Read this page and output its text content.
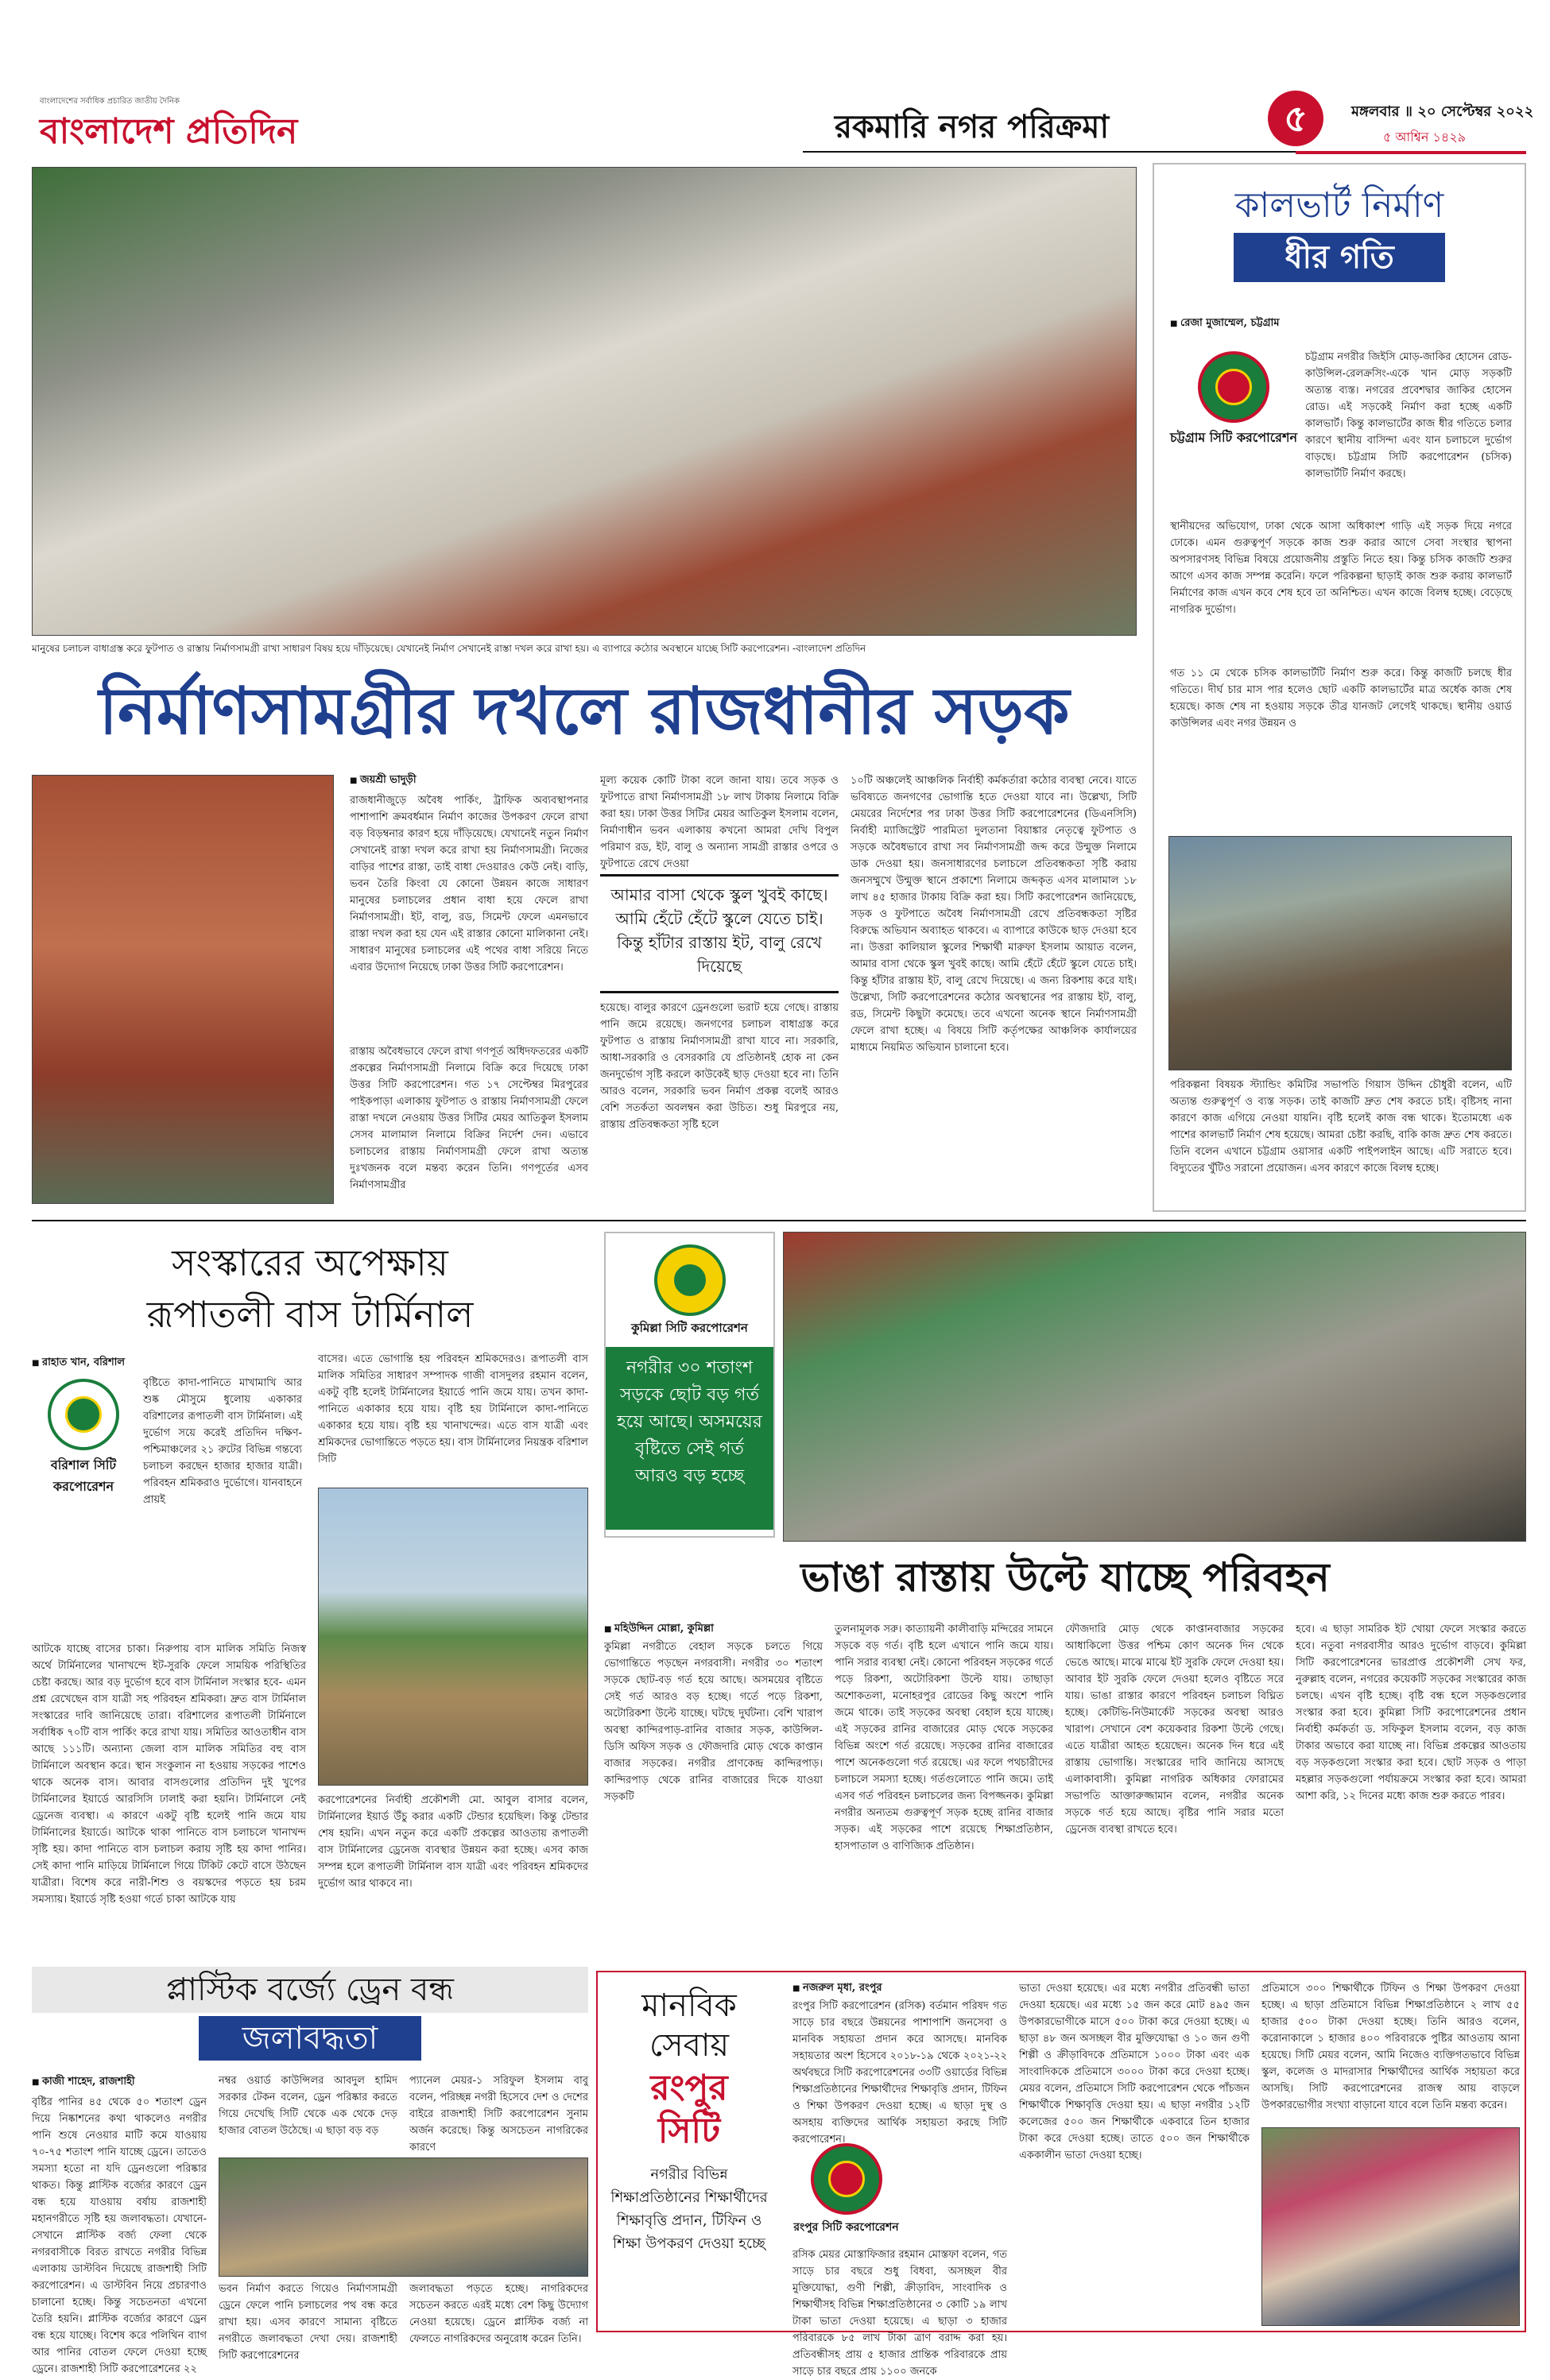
বাংলাদেশের সর্বাধিক প্রচারিত জাতীয় দৈনিক
বাংলাদেশ প্রতিদিন	রকমারি নগর পরিক্রমা	৫	মঙ্গলবার ॥ ২০ সেপ্টেম্বর ২০২২
৫ আশ্বিন ১৪২৯
মানুষের চলাচল বাধাগ্রস্ত করে ফুটপাত ও রাস্তায় নির্মাণসামগ্রী রাখা সাধারণ বিষয় হয়ে দাঁড়িয়েছে। যেখানেই নির্মাণ সেখানেই রাস্তা দখল করে রাখা হয়। এ ব্যাপারে কঠোর অবস্থানে যাচ্ছে সিটি করপোরেশন। -বাংলাদেশ প্রতিদিন
নির্মাণসামগ্রীর দখলে রাজধানীর সড়ক
■ জয়শ্রী ভাদুড়ী
রাজধানীজুড়ে অবৈধ পার্কিং, ট্রাফিক অব্যবস্থাপনার পাশাপাশি ক্রমবর্ধমান নির্মাণ কাজের উপকরণ ফেলে রাখা বড় বিড়ম্বনার কারণ হয়ে দাঁড়িয়েছে। যেখানেই নতুন নির্মাণ সেখানেই রাস্তা দখল করে রাখা হয় নির্মাণসামগ্রী। নিজের বাড়ির পাশের রাস্তা, তাই বাধা দেওয়ারও কেউ নেই। বাড়ি, ভবন তৈরি কিংবা যে কোনো উন্নয়ন কাজে সাধারণ মানুষের চলাচলের প্রধান বাধা হয়ে ফেলে রাখা নির্মাণসামগ্রী। ইট, বালু, রড, সিমেন্ট ফেলে এমনভাবে রাস্তা দখল করা হয় যেন এই রাস্তার কোনো মালিকানা নেই। সাধারণ মানুষের চলাচলের এই পথের বাধা সরিয়ে নিতে এবার উদ্যোগ নিয়েছে ঢাকা উত্তর সিটি করপোরেশন।
রাস্তায় অবৈধভাবে ফেলে রাখা গণপূর্ত অধিদফতরের একটি প্রকল্পের নির্মাণসামগ্রী নিলামে বিক্রি করে দিয়েছে ঢাকা উত্তর সিটি করপোরেশন। গত ১৭ সেপ্টেম্বর মিরপুরের পাইকপাড়া এলাকায় ফুটপাত ও রাস্তায় নির্মাণসামগ্রী ফেলে রাস্তা দখলে নেওয়ায় উত্তর সিটির মেয়র আতিকুল ইসলাম সেসব মালামাল নিলামে বিক্রির নির্দেশ দেন। এভাবে চলাচলের রাস্তায় নির্মাণসামগ্রী ফেলে রাখা অত্যন্ত দুঃখজনক বলে মন্তব্য করেন তিনি। গণপূর্তের এসব নির্মাণসামগ্রীর
মূল্য কয়েক কোটি টাকা বলে জানা যায়। তবে সড়ক ও ফুটপাতে রাখা নির্মাণসামগ্রী ১৮ লাখ টাকায় নিলামে বিক্রি করা হয়। ঢাকা উত্তর সিটির মেয়র আতিকুল ইসলাম বলেন, নির্মাণাধীন ভবন এলাকায় কখনো আমরা দেখি বিপুল পরিমাণ রড, ইট, বালু ও অন্যান্য সামগ্রী রাস্তার ওপরে ও ফুটপাতে রেখে দেওয়া
আমার বাসা থেকে স্কুল খুবই কাছে। আমি হেঁটে হেঁটে স্কুলে যেতে চাই। কিন্তু হাঁটার রাস্তায় ইট, বালু রেখে দিয়েছে
হয়েছে। বালুর কারণে ড্রেনগুলো ভরাট হয়ে গেছে। রাস্তায় পানি জমে রয়েছে। জনগণের চলাচল বাধাগ্রস্ত করে ফুটপাত ও রাস্তায় নির্মাণসামগ্রী রাখা যাবে না। সরকারি, আধা-সরকারি ও বেসরকারি যে প্রতিষ্ঠানই হোক না কেন জনদুর্ভোগ সৃষ্টি করলে কাউকেই ছাড় দেওয়া হবে না। তিনি আরও বলেন, সরকারি ভবন নির্মাণ প্রকল্প বলেই আরও বেশি সতর্কতা অবলম্বন করা উচিত। শুধু মিরপুরে নয়, রাস্তায় প্রতিবন্ধকতা সৃষ্টি হলে
১০টি অঞ্চলেই আঞ্চলিক নির্বাহী কর্মকর্তারা কঠোর ব্যবস্থা নেবে। যাতে ভবিষ্যতে জনগণের ভোগান্তি হতে দেওয়া যাবে না। উল্লেখ্য, সিটি মেয়রের নির্দেশের পর ঢাকা উত্তর সিটি করপোরেশনের (ডিএনসিসি) নির্বাহী ম্যাজিস্ট্রেট পারমিতা দুলতানা বিয়াঙ্কার নেতৃত্বে ফুটপাত ও সড়কে অবৈধভাবে রাখা সব নির্মাণসামগ্রী জব্দ করে উন্মুক্ত নিলামে ডাক দেওয়া হয়। জনসাধারণের চলাচলে প্রতিবন্ধকতা সৃষ্টি করায় জনসম্মুখে উন্মুক্ত স্থানে প্রকাশ্যে নিলামে জব্দকৃত এসব মালামাল ১৮ লাখ ৪৫ হাজার টাকায় বিক্রি করা হয়। সিটি করপোরেশন জানিয়েছে, সড়ক ও ফুটপাতে অবৈধ নির্মাণসামগ্রী রেখে প্রতিবন্ধকতা সৃষ্টির বিরুদ্ধে অভিযান অব্যাহত থাকবে। এ ব্যাপারে কাউকে ছাড় দেওয়া হবে না। উত্তরা কালিয়াল স্কুলের শিক্ষার্থী মারুফা ইসলাম আয়াত বলেন, আমার বাসা থেকে স্কুল খুবই কাছে। আমি হেঁটে হেঁটে স্কুলে যেতে চাই। কিন্তু হাঁটার রাস্তায় ইট, বালু রেখে দিয়েছে। এ জন্য রিকশায় করে যাই। উল্লেখ্য, সিটি করপোরেশনের কঠোর অবস্থানের পর রাস্তায় ইট, বালু, রড, সিমেন্ট কিছুটা কমেছে। তবে এখনো অনেক স্থানে নির্মাণসামগ্রী ফেলে রাখা হচ্ছে। এ বিষয়ে সিটি কর্তৃপক্ষের আঞ্চলিক কার্যালয়ের মাধ্যমে নিয়মিত অভিযান চালানো হবে।
কালভার্ট নির্মাণ
ধীর গতি
■ রেজা মুজাম্মেল, চট্টগ্রাম
চট্টগ্রাম সিটি করপোরেশন
চট্টগ্রাম নগরীর জিইসি মোড়-জাকির হোসেন রোড-কাউন্সিল-রেলক্রসিং-একে খান মোড় সড়কটি অত্যন্ত ব্যস্ত। নগরের প্রবেশদ্বার জাকির হোসেন রোড। এই সড়কেই নির্মাণ করা হচ্ছে একটি কালভার্ট। কিন্তু কালভার্টের কাজ ধীর গতিতে চলার কারণে স্থানীয় বাসিন্দা এবং যান চলাচলে দুর্ভোগ বাড়ছে। চট্টগ্রাম সিটি করপোরেশন (চসিক) কালভার্টটি নির্মাণ করছে।
স্থানীয়দের অভিযোগ, ঢাকা থেকে আসা অধিকাংশ গাড়ি এই সড়ক দিয়ে নগরে ঢোকে। এমন গুরুত্বপূর্ণ সড়কে কাজ শুরু করার আগে সেবা সংস্থার স্থাপনা অপসারণসহ বিভিন্ন বিষয়ে প্রয়োজনীয় প্রস্তুতি নিতে হয়। কিন্তু চসিক কাজটি শুরুর আগে এসব কাজ সম্পন্ন করেনি। ফলে পরিকল্পনা ছাড়াই কাজ শুরু করায় কালভার্ট নির্মাণের কাজ এখন কবে শেষ হবে তা অনিশ্চিত। এখন কাজে বিলম্ব হচ্ছে। বেড়েছে নাগরিক দুর্ভোগ।
গত ১১ মে থেকে চসিক কালভার্টটি নির্মাণ শুরু করে। কিন্তু কাজটি চলছে ধীর গতিতে। দীর্ঘ চার মাস পার হলেও ছোট একটি কালভার্টের মাত্র অর্ধেক কাজ শেষ হয়েছে। কাজ শেষ না হওয়ায় সড়কে তীব্র যানজট লেগেই থাকছে। স্থানীয় ওয়ার্ড কাউন্সিলর এবং নগর উন্নয়ন ও
পরিকল্পনা বিষয়ক স্ট্যান্ডিং কমিটির সভাপতি গিয়াস উদ্দিন চৌধুরী বলেন, এটি অত্যন্ত গুরুত্বপূর্ণ ও ব্যস্ত সড়ক। তাই কাজটি দ্রুত শেষ করতে চাই। বৃষ্টিসহ নানা কারণে কাজ এগিয়ে নেওয়া যায়নি। বৃষ্টি হলেই কাজ বন্ধ থাকে। ইতোমধ্যে এক পাশের কালভার্ট নির্মাণ শেষ হয়েছে। আমরা চেষ্টা করছি, বাকি কাজ দ্রুত শেষ করতে। তিনি বলেন এখানে চট্টগ্রাম ওয়াসার একটি পাইপলাইন আছে। এটি সরাতে হবে। বিদ্যুতের খুঁটিও সরানো প্রয়োজন। এসব কারণে কাজে বিলম্ব হচ্ছে।
সংস্কারের অপেক্ষায়
রূপাতলী বাস টার্মিনাল
■ রাহাত খান, বরিশাল
বরিশাল সিটি করপোরেশন
বৃষ্টিতে কাদা-পানিতে মাখামাখি আর শুষ্ক মৌসুমে ধুলোয় একাকার বরিশালের রূপাতলী বাস টার্মিনাল। এই দুর্ভোগ সয়ে করেই প্রতিদিন দক্ষিণ-পশ্চিমাঞ্চলের ২১ রুটের বিভিন্ন গন্তব্যে চলাচল করছেন হাজার হাজার যাত্রী। পরিবহন শ্রমিকরাও দুর্ভোগে। যানবাহনে প্রায়ই
আটকে যাচ্ছে বাসের চাকা। নিরুপায় বাস মালিক সমিতি নিজস্ব অর্থে টার্মিনালের খানাখন্দে ইট-সুরকি ফেলে সাময়িক পরিস্থিতির চেষ্টা করছে। আর বড় দুর্ভোগ হবে বাস টার্মিনাল সংস্কার হবে- এমন প্রশ্ন রেখেছেন বাস যাত্রী সহ পরিবহন শ্রমিকরা। দ্রুত বাস টার্মিনাল সংস্কারের দাবি জানিয়েছে তারা। বরিশালের রূপাতলী টার্মিনালে সর্বাধিক ৭০টি বাস পার্কিং করে রাখা যায়। সমিতির আওতাধীন বাস আছে ১১১টি। অন্যান্য জেলা বাস মালিক সমিতির বহু বাস টার্মিনালে অবস্থান করে। স্থান সংকুলান না হওয়ায় সড়কের পাশেও থাকে অনেক বাস। আবার বাসগুলোর প্রতিদিন দুই খুপের টার্মিনালের ইয়ার্ডে আরসিসি ঢালাই করা হয়নি। টার্মিনালে নেই ড্রেনেজ ব্যবস্থা। এ কারণে একটু বৃষ্টি হলেই পানি জমে যায় টার্মিনালের ইয়ার্ডে। আটকে থাকা পানিতে বাস চলাচলে খানাখন্দ সৃষ্টি হয়। কাদা পানিতে বাস চলাচল করায় সৃষ্টি হয় কাদা পানির। সেই কাদা পানি মাড়িয়ে টার্মিনালে গিয়ে টিকিট কেটে বাসে উঠছেন যাত্রীরা। বিশেষ করে নারী-শিশু ও বয়স্কদের পড়তে হয় চরম সমস্যায়। ইয়ার্ডে সৃষ্টি হওয়া গর্তে চাকা আটকে যায়
বাসের। এতে ভোগান্তি হয় পরিবহন শ্রমিকদেরও। রূপাতলী বাস মালিক সমিতির সাধারণ সম্পাদক গাজী বাসদুলর রহমান বলেন, একটু বৃষ্টি হলেই টার্মিনালের ইয়ার্ডে পানি জমে যায়। তখন কাদা-পানিতে একাকার হয়ে যায়। বৃষ্টি হয় টার্মিনালে কাদা-পানিতে একাকার হয়ে যায়। বৃষ্টি হয় খানাখন্দের। এতে বাস যাত্রী এবং শ্রমিকদের ভোগান্তিতে পড়তে হয়। বাস টার্মিনালের নিয়ন্ত্রক বরিশাল সিটি
করপোরেশনের নির্বাহী প্রকৌশলী মো. আবুল বাসার বলেন, টার্মিনালের ইয়ার্ড উঁচু করার একটি টেন্ডার হয়েছিল। কিন্তু টেন্ডার শেষ হয়নি। এখন নতুন করে একটি প্রকল্পের আওতায় রূপাতলী বাস টার্মিনালের ড্রেনেজ ব্যবস্থার উন্নয়ন করা হচ্ছে। এসব কাজ সম্পন্ন হলে রূপাতলী টার্মিনাল বাস যাত্রী এবং পরিবহন শ্রমিকদের দুর্ভোগ আর থাকবে না।
কুমিল্লা সিটি করপোরেশন
নগরীর ৩০ শতাংশ সড়কে ছোট বড় গর্ত হয়ে আছে। অসময়ের বৃষ্টিতে সেই গর্ত আরও বড় হচ্ছে
ভাঙা রাস্তায় উল্টে যাচ্ছে পরিবহন
■ মহিউদ্দিন মোল্লা, কুমিল্লা
কুমিল্লা নগরীতে বেহাল সড়কে চলতে গিয়ে ভোগান্তিতে পড়ছেন নগরবাসী। নগরীর ৩০ শতাংশ সড়কে ছোট-বড় গর্ত হয়ে আছে। অসময়ের বৃষ্টিতে সেই গর্ত আরও বড় হচ্ছে। গর্তে পড়ে রিকশা, অটোরিকশা উল্টে যাচ্ছে। ঘটছে দুর্ঘটনা। বেশি খারাপ অবস্থা কান্দিরপাড়-রানির বাজার সড়ক, কাউন্সিল-ডিসি অফিস সড়ক ও ফৌজদারি মোড় থেকে কাপ্তান বাজার সড়কের। নগরীর প্রাণকেন্দ্র কান্দিরপাড়। কান্দিরপাড় থেকে রানির বাজারের দিকে যাওয়া সড়কটি
তুলনামূলক সরু। কাত্যায়নী কালীবাড়ি মন্দিরের সামনে সড়কে বড় গর্ত। বৃষ্টি হলে এখানে পানি জমে যায়। পানি সরার ব্যবস্থা নেই। কোনো পরিবহন সড়কের গর্তে পড়ে রিকশা, অটোরিকশা উল্টে যায়। তাছাড়া অশোকতলা, মনোহরপুর রোডের কিছু অংশে পানি জমে থাকে। তাই সড়কের অবস্থা বেহাল হয়ে যাচ্ছে। এই সড়কের রানির বাজারের মোড় থেকে সড়কের বিভিন্ন অংশে গর্ত রয়েছে। সড়কের রানির বাজারের পাশে অনেকগুলো গর্ত রয়েছে। এর ফলে পথচারীদের চলাচলে সমস্যা হচ্ছে। গর্তগুলোতে পানি জমে। তাই এসব গর্ত পরিবহন চলাচলের জন্য বিপজ্জনক। কুমিল্লা নগরীর অন্যতম গুরুত্বপূর্ণ সড়ক হচ্ছে রানির বাজার সড়ক। এই সড়কের পাশে রয়েছে শিক্ষাপ্রতিষ্ঠান, হাসপাতাল ও বাণিজ্যিক প্রতিষ্ঠান।
ফৌজদারি মোড় থেকে কাপ্তানবাজার সড়কের আধাকিলো উত্তর পশ্চিম কোণ অনেক দিন থেকে ভেঙে আছে। মাঝে মাঝে ইট সুরকি ফেলে দেওয়া হয়। আবার ইট সুরকি ফেলে দেওয়া হলেও বৃষ্টিতে সরে যায়। ভাঙা রাস্তার কারণে পরিবহন চলাচল বিঘ্নিত হচ্ছে। কেটিভি-নিউমার্কেট সড়কের অবস্থা আরও খারাপ। সেখানে বেশ কয়েকবার রিকশা উল্টে গেছে। এতে যাত্রীরা আহত হয়েছেন। অনেক দিন ধরে এই রাস্তায় ভোগান্তি। সংস্কারের দাবি জানিয়ে আসছে এলাকাবাসী। কুমিল্লা নাগরিক অধিকার ফোরামের সভাপতি আক্তারুজ্জামান বলেন, নগরীর অনেক সড়কে গর্ত হয়ে আছে। বৃষ্টির পানি সরার মতো ড্রেনেজ ব্যবস্থা রাখতে হবে।
হবে। এ ছাড়া সামরিক ইট খোয়া ফেলে সংস্কার করতে হবে। নতুবা নগরবাসীর আরও দুর্ভোগ বাড়বে। কুমিল্লা সিটি করপোরেশনের ভারপ্রাপ্ত প্রকৌশলী সেখ ফর, নুরুল্লাহ বলেন, নগরের কয়েকটি সড়কের সংস্কারের কাজ চলছে। এখন বৃষ্টি হচ্ছে। বৃষ্টি বন্ধ হলে সড়কগুলোর সংস্কার করা হবে। কুমিল্লা সিটি করপোরেশনের প্রধান নির্বাহী কর্মকর্তা ড. সফিকুল ইসলাম বলেন, বড় কাজ টাকার অভাবে করা যাচ্ছে না। বিভিন্ন প্রকল্পের আওতায় বড় সড়কগুলো সংস্কার করা হবে। ছোট সড়ক ও পাড়া মহল্লার সড়কগুলো পর্যায়ক্রমে সংস্কার করা হবে। আমরা আশা করি, ১২ দিনের মধ্যে কাজ শুরু করতে পারব।
প্লাস্টিক বর্জ্যে ড্রেন বন্ধ
জলাবদ্ধতা
■ কাজী শাহেদ, রাজশাহী
বৃষ্টির পানির ৪৫ থেকে ৫০ শতাংশ ড্রেন দিয়ে নিষ্কাশনের কথা থাকলেও নগরীর পানি শুষে নেওয়ার মাটি কমে যাওয়ায় ৭০-৭৫ শতাংশ পানি যাচ্ছে ড্রেনে। তাতেও সমস্যা হতো না যদি ড্রেনগুলো পরিষ্কার থাকত। কিন্তু প্লাস্টিক বর্জ্যের কারণে ড্রেন বন্ধ হয়ে যাওয়ায় বর্ষায় রাজশাহী মহানগরীতে সৃষ্টি হয় জলাবদ্ধতা। যেখানে-সেখানে প্লাস্টিক বর্জ্য ফেলা থেকে নগরবাসীকে বিরত রাখতে নগরীর বিভিন্ন এলাকায় ডাস্টবিন দিয়েছে রাজশাহী সিটি করপোরেশন। এ ডাস্টবিন নিয়ে প্রচারণাও চালানো হচ্ছে। কিন্তু সচেতনতা এখনো তৈরি হয়নি। প্লাস্টিক বর্জ্যের কারণে ড্রেন বন্ধ হয়ে যাচ্ছে। বিশেষ করে পলিথিন ব্যাগ আর পানির বোতল ফেলে দেওয়া হচ্ছে ড্রেনে। রাজশাহী সিটি করপোরেশনের ২২
নম্বর ওয়ার্ড কাউন্সিলর আবদুল হামিদ সরকার টেকন বলেন, ড্রেন পরিষ্কার করতে গিয়ে দেখেছি সিটি থেকে এক থেকে দেড় হাজার বোতল উঠেছে। এ ছাড়া বড় বড়
প্যানেল মেয়র-১ সরিফুল ইসলাম বাবু বলেন, পরিচ্ছন্ন নগরী হিসেবে দেশ ও দেশের বাইরে রাজশাহী সিটি করপোরেশন সুনাম অর্জন করেছে। কিন্তু অসচেতন নাগরিকের কারণে
ভবন নির্মাণ করতে গিয়েও নির্মাণসামগ্রী ড্রেনে ফেলে পানি চলাচলের পথ বন্ধ করে রাখা হয়। এসব কারণে সামান্য বৃষ্টিতে নগরীতে জলাবদ্ধতা দেখা দেয়। রাজশাহী সিটি করপোরেশনের
জলাবদ্ধতা পড়তে হচ্ছে। নাগরিকদের সচেতন করতে এরই মধ্যে বেশ কিছু উদ্যোগ নেওয়া হয়েছে। ড্রেনে প্লাস্টিক বর্জ্য না ফেলতে নাগরিকদের অনুরোধ করেন তিনি।
মানবিক
সেবায়
রংপুর
সিটি
নগরীর বিভিন্ন শিক্ষাপ্রতিষ্ঠানের শিক্ষার্থীদের শিক্ষাবৃত্তি প্রদান, টিফিন ও শিক্ষা উপকরণ দেওয়া হচ্ছে
■ নজরুল মৃধা, রংপুর
রংপুর সিটি করপোরেশন (রসিক) বর্তমান পরিষদ গত সাড়ে চার বছরে উন্নয়নের পাশাপাশি জনসেবা ও মানবিক সহায়তা প্রদান করে আসছে। মানবিক সহায়তার অংশ হিসেবে ২০১৮-১৯ থেকে ২০২১-২২ অর্থবছরে সিটি করপোরেশনের ৩৩টি ওয়ার্ডের বিভিন্ন শিক্ষাপ্রতিষ্ঠানের শিক্ষার্থীদের শিক্ষাবৃত্তি প্রদান, টিফিন ও শিক্ষা উপকরণ দেওয়া হচ্ছে। এ ছাড়া দুস্থ ও অসহায় ব্যক্তিদের আর্থিক সহায়তা করছে সিটি করপোরেশন।
রংপুর সিটি করপোরেশন
রসিক মেয়র মোস্তাফিজার রহমান মোস্তফা বলেন, গত সাড়ে চার বছরে শুধু বিধবা, অসচ্ছল বীর মুক্তিযোদ্ধা, গুণী শিল্পী, ক্রীড়াবিদ, সাংবাদিক ও শিক্ষার্থীসহ বিভিন্ন শিক্ষাপ্রতিষ্ঠানের ৩ কোটি ১৯ লাখ টাকা ভাতা দেওয়া হয়েছে। এ ছাড়া ৩ হাজার পরিবারকে ৮৫ লাখ টাকা ত্রাণ বরাদ্দ করা হয়। প্রতিবন্ধীসহ প্রায় ৫ হাজার প্রান্তিক পরিবারকে প্রায় সাড়ে চার বছরে প্রায় ১১০০ জনকে
ভাতা দেওয়া হয়েছে। এর মধ্যে নগরীর প্রতিবন্ধী ভাতা দেওয়া হয়েছে। এর মধ্যে ১৫ জন করে মোট ৪৯৫ জন উপকারভোগীকে মাসে ৫০০ টাকা করে দেওয়া হচ্ছে। এ ছাড়া ৪৮ জন অসচ্ছল বীর মুক্তিযোদ্ধা ও ১০ জন গুণী শিল্পী ও ক্রীড়াবিদকে প্রতিমাসে ১০০০ টাকা এবং এক সাংবাদিককে প্রতিমাসে ৩০০০ টাকা করে দেওয়া হচ্ছে। মেয়র বলেন, প্রতিমাসে সিটি করপোরেশন থেকে পাঁচজন শিক্ষার্থীকে শিক্ষাবৃত্তি দেওয়া হয়। এ ছাড়া নগরীর ১২টি কলেজের ৫০০ জন শিক্ষার্থীকে একবারে তিন হাজার টাকা করে দেওয়া হচ্ছে। তাতে ৫০০ জন শিক্ষার্থীকে এককালীন ভাতা দেওয়া হচ্ছে।
প্রতিমাসে ৩০০ শিক্ষার্থীকে টিফিন ও শিক্ষা উপকরণ দেওয়া হচ্ছে। এ ছাড়া প্রতিমাসে বিভিন্ন শিক্ষাপ্রতিষ্ঠানে ২ লাখ ৫৫ হাজার ৫০০ টাকা দেওয়া হচ্ছে। তিনি আরও বলেন, করোনাকালে ১ হাজার ৪০০ পরিবারকে পুষ্টির আওতায় আনা হয়েছে। সিটি মেয়র বলেন, আমি নিজেও ব্যক্তিগতভাবে বিভিন্ন স্কুল, কলেজ ও মাদরাসার শিক্ষার্থীদের আর্থিক সহায়তা করে আসছি। সিটি করপোরেশনের রাজস্ব আয় বাড়লে উপকারভোগীর সংখ্যা বাড়ানো যাবে বলে তিনি মন্তব্য করেন।
